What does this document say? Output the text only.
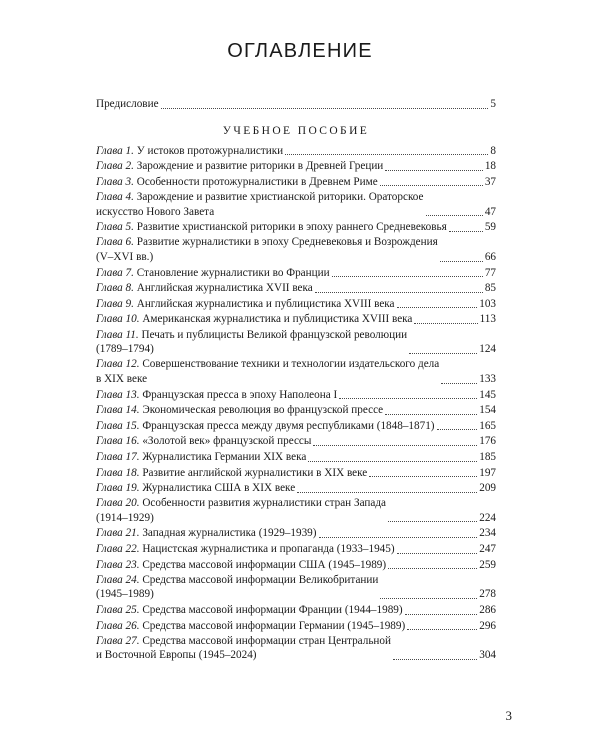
ОГЛАВЛЕНИЕ
Предисловие	5
УЧЕБНОЕ ПОСОБИЕ
Глава 1. У истоков протожурналистики	8
Глава 2. Зарождение и развитие риторики в Древней Греции	18
Глава 3. Особенности протожурналистики в Древнем Риме	37
Глава 4. Зарождение и развитие христианской риторики. Ораторское
искусство Нового Завета	47
Глава 5. Развитие христианской риторики в эпоху раннего Средневековья	59
Глава 6. Развитие журналистики в эпоху Средневековья и Возрождения
(V–XVI вв.)	66
Глава 7. Становление журналистики во Франции	77
Глава 8. Английская журналистика XVII века	85
Глава 9. Английская журналистика и публицистика XVIII века	103
Глава 10. Американская журналистика и публицистика XVIII века	113
Глава 11. Печать и публицисты Великой французской революции
(1789–1794)	124
Глава 12. Совершенствование техники и технологии издательского дела
в XIX веке	133
Глава 13. Французская пресса в эпоху Наполеона I	145
Глава 14. Экономическая революция во французской прессе	154
Глава 15. Французская пресса между двумя республиками (1848–1871)	165
Глава 16. «Золотой век» французской прессы	176
Глава 17. Журналистика Германии XIX века	185
Глава 18. Развитие английской журналистики в XIX веке	197
Глава 19. Журналистика США в XIX веке	209
Глава 20. Особенности развития журналистики стран Запада
(1914–1929)	224
Глава 21. Западная журналистика (1929–1939)	234
Глава 22. Нацистская журналистика и пропаганда (1933–1945)	247
Глава 23. Средства массовой информации США (1945–1989)	259
Глава 24. Средства массовой информации Великобритании
(1945–1989)	278
Глава 25. Средства массовой информации Франции (1944–1989)	286
Глава 26. Средства массовой информации Германии (1945–1989)	296
Глава 27. Средства массовой информации стран Центральной
и Восточной Европы (1945–2024)	304
3
